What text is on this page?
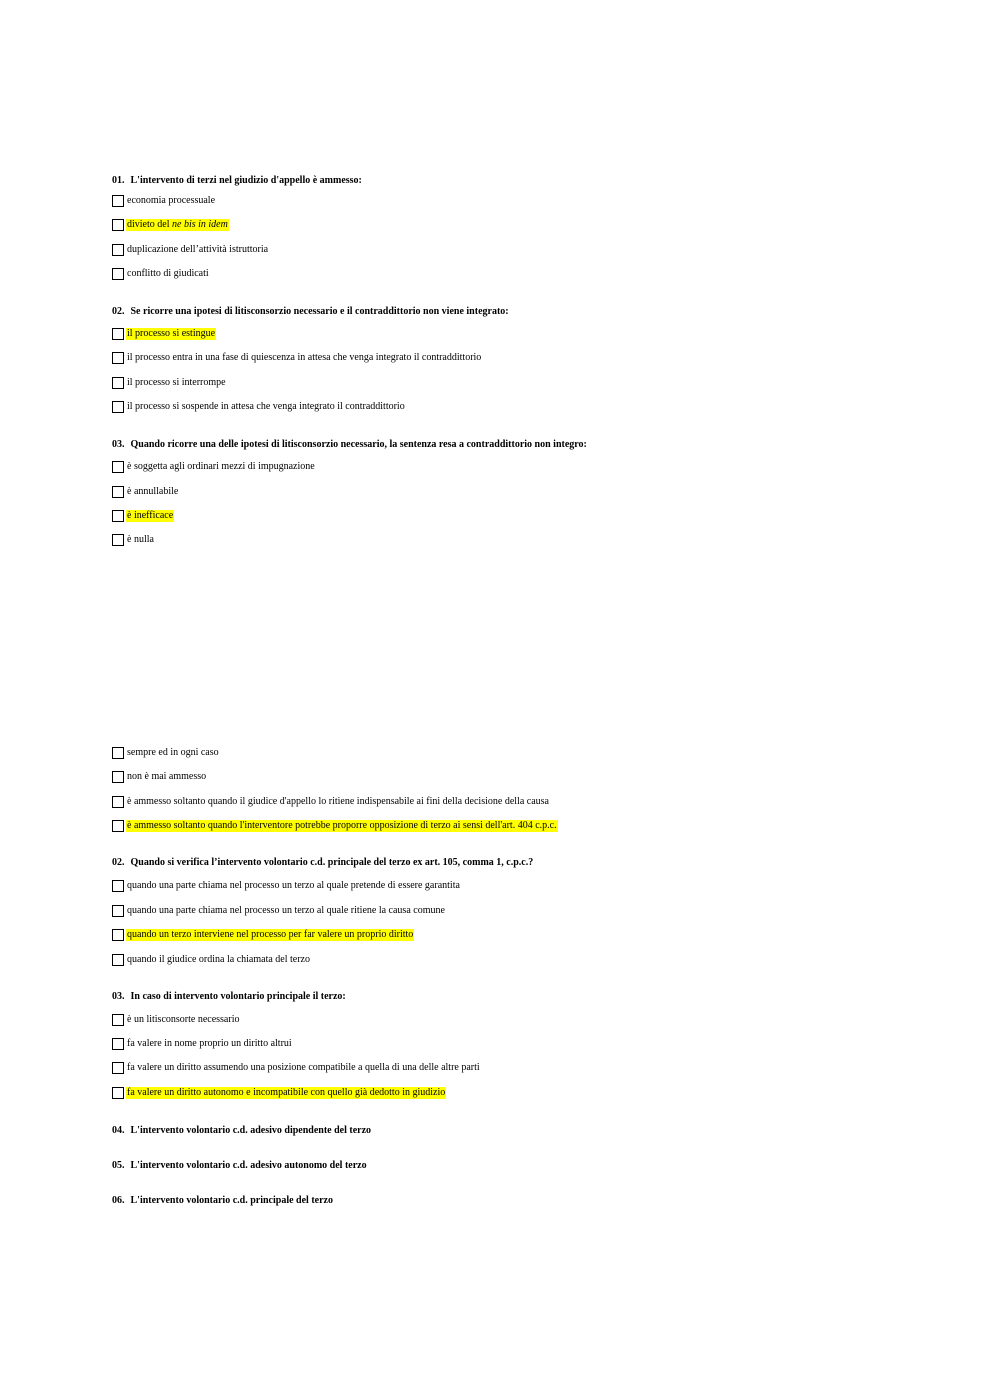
01. L'intervento di terzi nel giudizio d'appello è ammesso:
economia processuale
divieto del ne bis in idem
duplicazione dell’attività istruttoria
conflitto di giudicati
02. Se ricorre una ipotesi di litisconsorzio necessario e il contraddittorio non viene integrato:
il processo si estingue
il processo entra in una fase di quiescenza in attesa che venga integrato il contraddittorio
il processo si interrompe
il processo si sospende in attesa che venga integrato il contraddittorio
03. Quando ricorre una delle ipotesi di litisconsorzio necessario, la sentenza resa a contraddittorio non integro:
è soggetta agli ordinari mezzi di impugnazione
è annullabile
è inefficace
è nulla
sempre ed in ogni caso
non è mai ammesso
è ammesso soltanto quando il giudice d'appello lo ritiene indispensabile ai fini della decisione della causa
è ammesso soltanto quando l'interventore potrebbe proporre opposizione di terzo ai sensi dell'art. 404 c.p.c.
02. Quando si verifica l’intervento volontario c.d. principale del terzo ex art. 105, comma 1, c.p.c.?
quando una parte chiama nel processo un terzo al quale pretende di essere garantita
quando una parte chiama nel processo un terzo al quale ritiene la causa comune
quando un terzo interviene nel processo per far valere un proprio diritto
quando il giudice ordina la chiamata del terzo
03. In caso di intervento volontario principale il terzo:
è un litisconsorte necessario
fa valere in nome proprio un diritto altrui
fa valere un diritto assumendo una posizione compatibile a quella di una delle altre parti
fa valere un diritto autonomo e incompatibile con quello già dedotto in giudizio
04. L'intervento volontario c.d. adesivo dipendente del terzo
05. L'intervento volontario c.d. adesivo autonomo del terzo
06. L'intervento volontario c.d. principale del terzo
